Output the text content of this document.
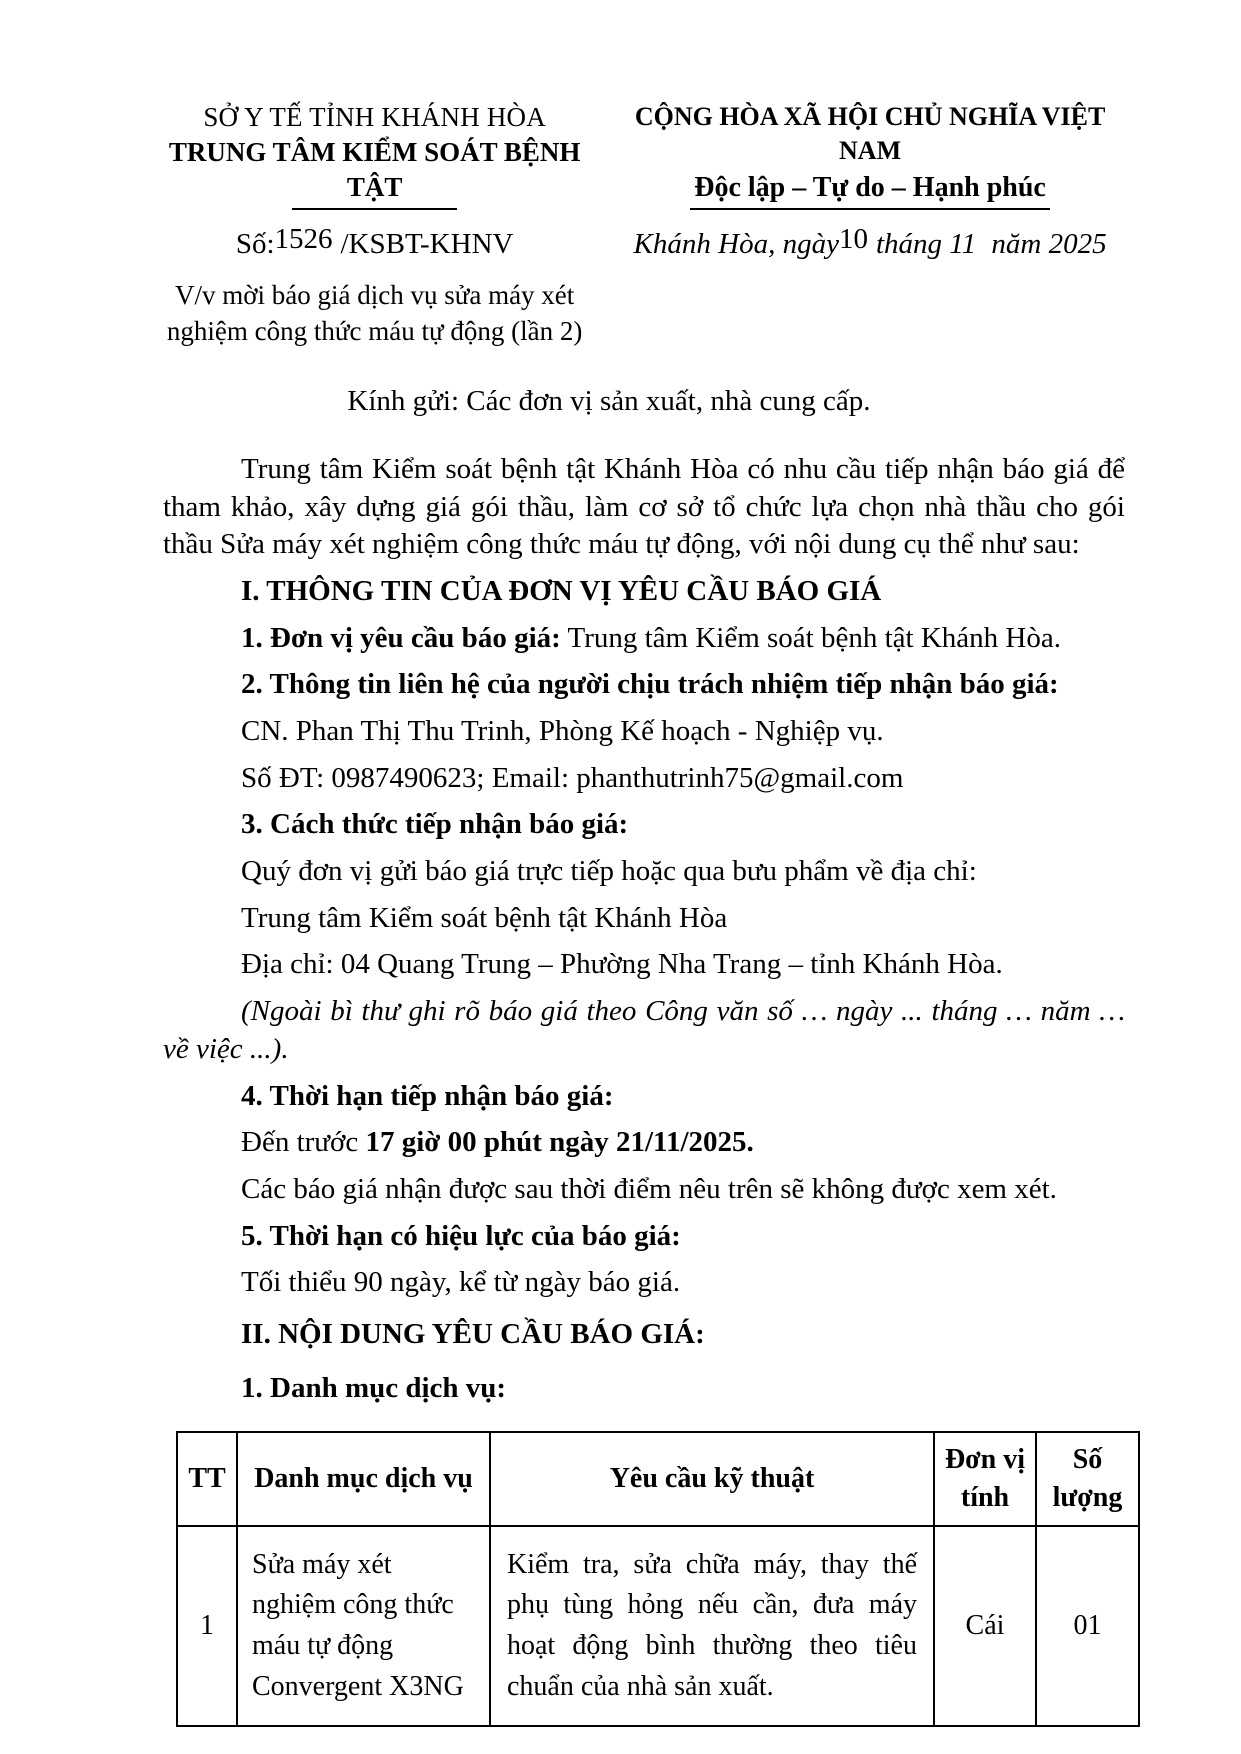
SỞ Y TẾ TỈNH KHÁNH HÒA
TRUNG TÂM KIỂM SOÁT BỆNH TẬT
CỘNG HÒA XÃ HỘI CHỦ NGHĨA VIỆT NAM
Độc lập – Tự do – Hạnh phúc
Số:1526 /KSBT-KHNV	Khánh Hòa, ngày10 tháng 11 năm 2025
V/v mời báo giá dịch vụ sửa máy xét
nghiệm công thức máu tự động (lần 2)

Kính gửi: Các đơn vị sản xuất, nhà cung cấp.

Trung tâm Kiểm soát bệnh tật Khánh Hòa có nhu cầu tiếp nhận báo giá để tham khảo, xây dựng giá gói thầu, làm cơ sở tổ chức lựa chọn nhà thầu cho gói thầu Sửa máy xét nghiệm công thức máu tự động, với nội dung cụ thể như sau:

I. THÔNG TIN CỦA ĐƠN VỊ YÊU CẦU BÁO GIÁ

1. Đơn vị yêu cầu báo giá: Trung tâm Kiểm soát bệnh tật Khánh Hòa.

2. Thông tin liên hệ của người chịu trách nhiệm tiếp nhận báo giá:

CN. Phan Thị Thu Trinh, Phòng Kế hoạch - Nghiệp vụ.

Số ĐT: 0987490623; Email: phanthutrinh75@gmail.com

3. Cách thức tiếp nhận báo giá:

Quý đơn vị gửi báo giá trực tiếp hoặc qua bưu phẩm về địa chỉ:

Trung tâm Kiểm soát bệnh tật Khánh Hòa

Địa chỉ: 04 Quang Trung – Phường Nha Trang – tỉnh Khánh Hòa.

(Ngoài bì thư ghi rõ báo giá theo Công văn số … ngày ... tháng … năm … về việc ...).

4. Thời hạn tiếp nhận báo giá:

Đến trước 17 giờ 00 phút ngày 21/11/2025.

Các báo giá nhận được sau thời điểm nêu trên sẽ không được xem xét.

5. Thời hạn có hiệu lực của báo giá:

Tối thiểu 90 ngày, kể từ ngày báo giá.

II. NỘI DUNG YÊU CẦU BÁO GIÁ:

1. Danh mục dịch vụ:

TT	Danh mục dịch vụ	Yêu cầu kỹ thuật	Đơn vị tính	Số lượng
1	Sửa máy xét nghiệm công thức máu tự động Convergent X3NG	Kiểm tra, sửa chữa máy, thay thế phụ tùng hỏng nếu cần, đưa máy hoạt động bình thường theo tiêu chuẩn của nhà sản xuất.	Cái	01
